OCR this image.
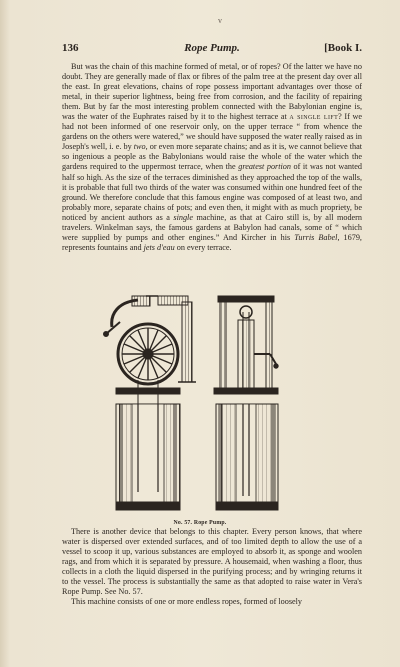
v
136	Rope Pump.	[Book I.

But was the chain of this machine formed of metal, or of ropes? Of the latter we have no doubt. They are generally made of flax or fibres of the palm tree at the present day over all the east. In great elevations, chains of rope possess important advantages over those of metal, in their superior lightness, being free from corrosion, and the facility of repairing them. But by far the most interesting problem connected with the Babylonian engine is, was the water of the Euphrates raised by it to the highest terrace at a single lift? If we had not been informed of one reservoir only, on the upper terrace “ from whence the gardens on the others were watered,” we should have supposed the water really raised as in Joseph's well, i. e. by two, or even more separate chains; and as it is, we cannot believe that so ingenious a people as the Babylonians would raise the whole of the water which the gardens required to the uppermost terrace, when the greatest portion of it was not wanted half so high. As the size of the terraces diminished as they approached the top of the walls, it is probable that full two thirds of the water was consumed within one hundred feet of the ground. We therefore conclude that this famous engine was composed of at least two, and probably more, separate chains of pots; and even then, it might with as much propriety, be noticed by ancient authors as a single machine, as that at Cairo still is, by all modern travelers. Winkelman says, the famous gardens at Babylon had canals, some of “ which were supplied by pumps and other engines.” And Kircher in his Turris Babel, 1679, represents fountains and jets d'eau on every terrace.

No. 57. Rope Pump.

There is another device that belongs to this chapter. Every person knows, that where water is dispersed over extended surfaces, and of too limited depth to allow the use of a vessel to scoop it up, various substances are employed to absorb it, as sponge and woolen rags, and from which it is separated by pressure. A housemaid, when washing a floor, thus collects in a cloth the liquid dispersed in the purifying process; and by wringing returns it to the vessel. The process is substantially the same as that adopted to raise water in Vera's Rope Pump. See No. 57.

This machine consists of one or more endless ropes, formed of loosely
